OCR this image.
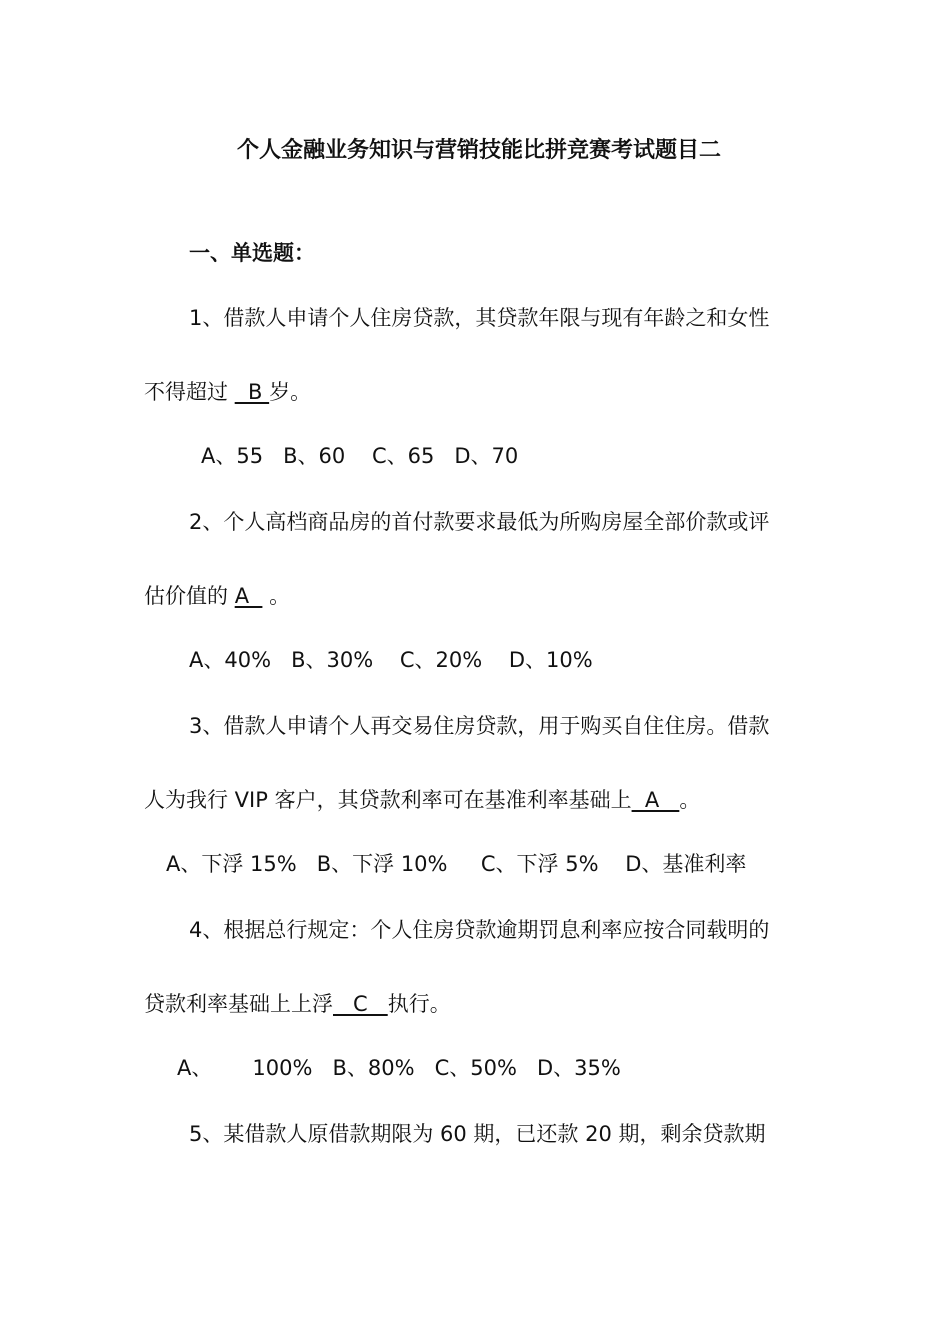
个人金融业务知识与营销技能比拼竞赛考试题目二
一、单选题：
1、借款人申请个人住房贷款，其贷款年限与现有年龄之和女性
不得超过   B 岁。
A、55   B、60    C、65   D、70
2、个人高档商品房的首付款要求最低为所购房屋全部价款或评
估价值的 A   。
A、40%   B、30%    C、20%    D、10%
3、借款人申请个人再交易住房贷款，用于购买自住住房。借款
人为我行 VIP 客户，其贷款利率可在基准利率基础上  A   。
A、下浮 15%   B、下浮 10%     C、下浮 5%    D、基准利率
4、根据总行规定：个人住房贷款逾期罚息利率应按合同载明的
贷款利率基础上上浮   C   执行。
A、      100%   B、80%   C、50%   D、35%
5、某借款人原借款期限为 60 期，已还款 20 期，剩余贷款期
